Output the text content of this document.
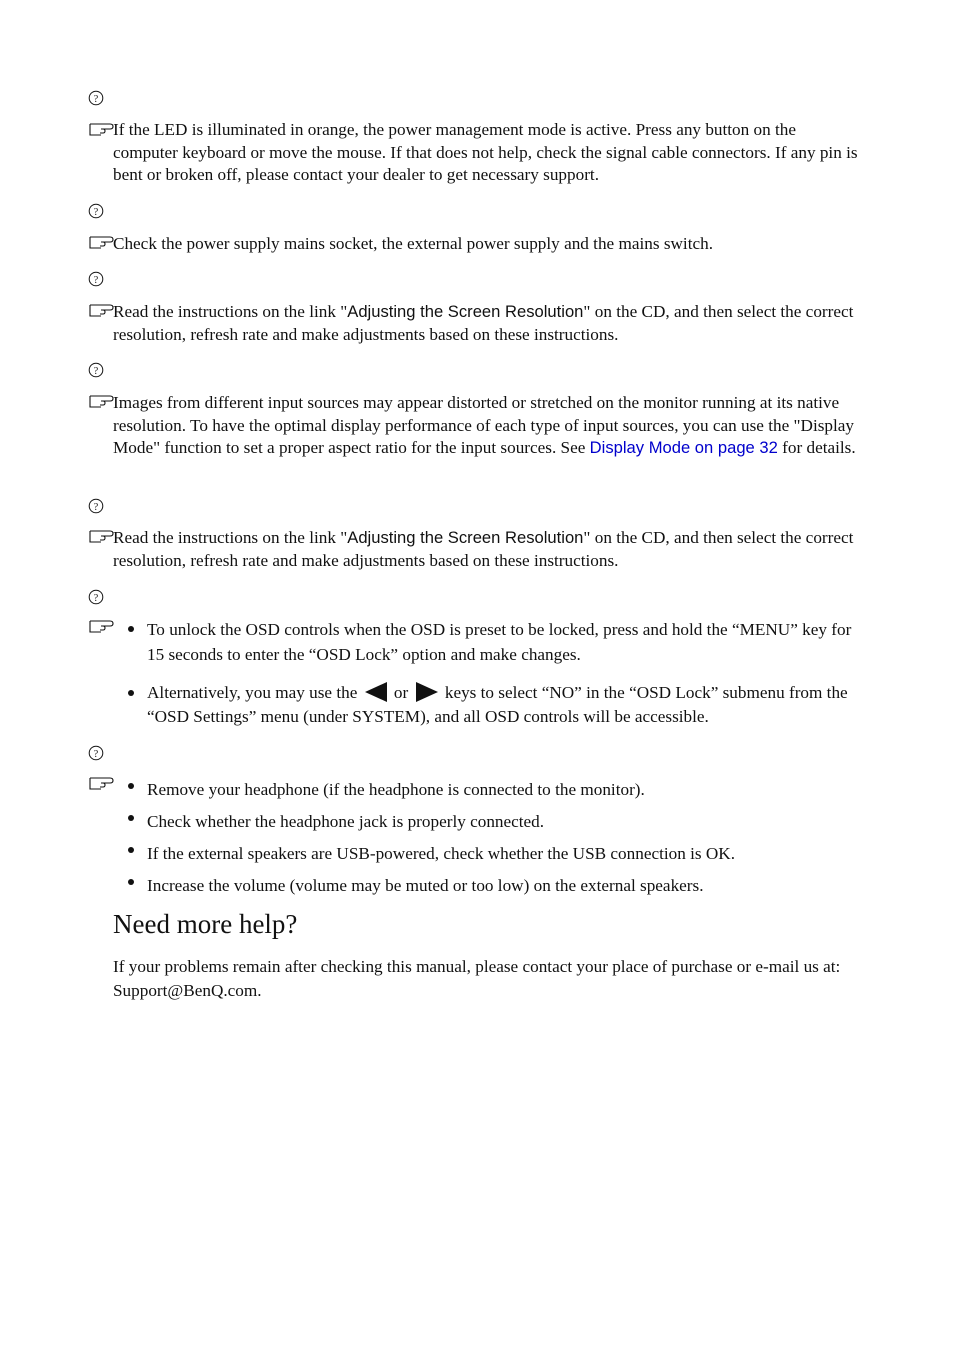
?

If the LED is illuminated in orange, the power management mode is active. Press any button on the computer keyboard or move the mouse. If that does not help, check the signal cable connectors. If any pin is bent or broken off, please contact your dealer to get necessary support.

?

Check the power supply mains socket, the external power supply and the mains switch.

?

Read the instructions on the link "Adjusting the Screen Resolution" on the CD, and then select the correct resolution, refresh rate and make adjustments based on these instructions.

?

Images from different input sources may appear distorted or stretched on the monitor running at its native resolution. To have the optimal display performance of each type of input sources, you can use the "Display Mode" function to set a proper aspect ratio for the input sources. See Display Mode on page 32 for details.

?

Read the instructions on the link "Adjusting the Screen Resolution" on the CD, and then select the correct resolution, refresh rate and make adjustments based on these instructions.

?
To unlock the OSD controls when the OSD is preset to be locked, press and hold the “MENU” key for 15 seconds to enter the “OSD Lock” option and make changes.
Alternatively, you may use the  or  keys to select “NO” in the “OSD Lock” submenu from the “OSD Settings” menu (under SYSTEM), and all OSD controls will be accessible.
?
Remove your headphone (if the headphone is connected to the monitor).
Check whether the headphone jack is properly connected.
If the external speakers are USB-powered, check whether the USB connection is OK.
Increase the volume (volume may be muted or too low) on the external speakers.
Need more help?

If your problems remain after checking this manual, please contact your place of purchase or e-mail us at: Support@BenQ.com.
